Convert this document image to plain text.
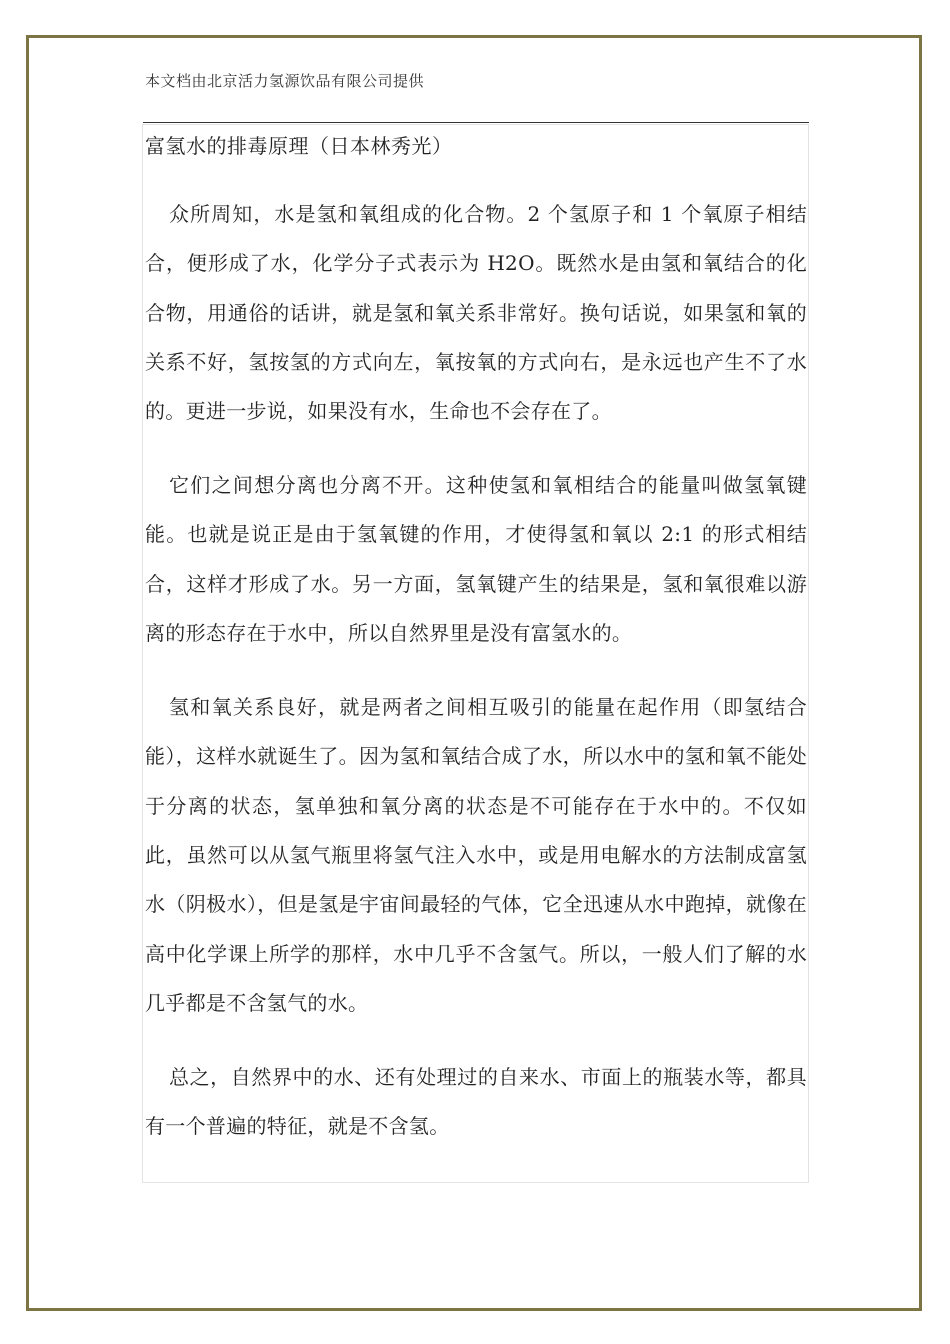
本文档由北京活力氢源饮品有限公司提供
富氢水的排毒原理（日本林秀光）

众所周知，水是氢和氧组成的化合物。2 个氢原子和 1 个氧原子相结合，便形成了水，化学分子式表示为 H2O。既然水是由氢和氧结合的化合物，用通俗的话讲，就是氢和氧关系非常好。换句话说，如果氢和氧的关系不好，氢按氢的方式向左，氧按氧的方式向右，是永远也产生不了水的。更进一步说，如果没有水，生命也不会存在了。

它们之间想分离也分离不开。这种使氢和氧相结合的能量叫做氢氧键能。也就是说正是由于氢氧键的作用，才使得氢和氧以 2:1 的形式相结合，这样才形成了水。另一方面，氢氧键产生的结果是，氢和氧很难以游离的形态存在于水中，所以自然界里是没有富氢水的。

氢和氧关系良好，就是两者之间相互吸引的能量在起作用（即氢结合能），这样水就诞生了。因为氢和氧结合成了水，所以水中的氢和氧不能处于分离的状态，氢单独和氧分离的状态是不可能存在于水中的。不仅如此，虽然可以从氢气瓶里将氢气注入水中，或是用电解水的方法制成富氢水（阴极水），但是氢是宇宙间最轻的气体，它全迅速从水中跑掉，就像在高中化学课上所学的那样，水中几乎不含氢气。所以，一般人们了解的水几乎都是不含氢气的水。

总之，自然界中的水、还有处理过的自来水、市面上的瓶装水等，都具有一个普遍的特征，就是不含氢。
